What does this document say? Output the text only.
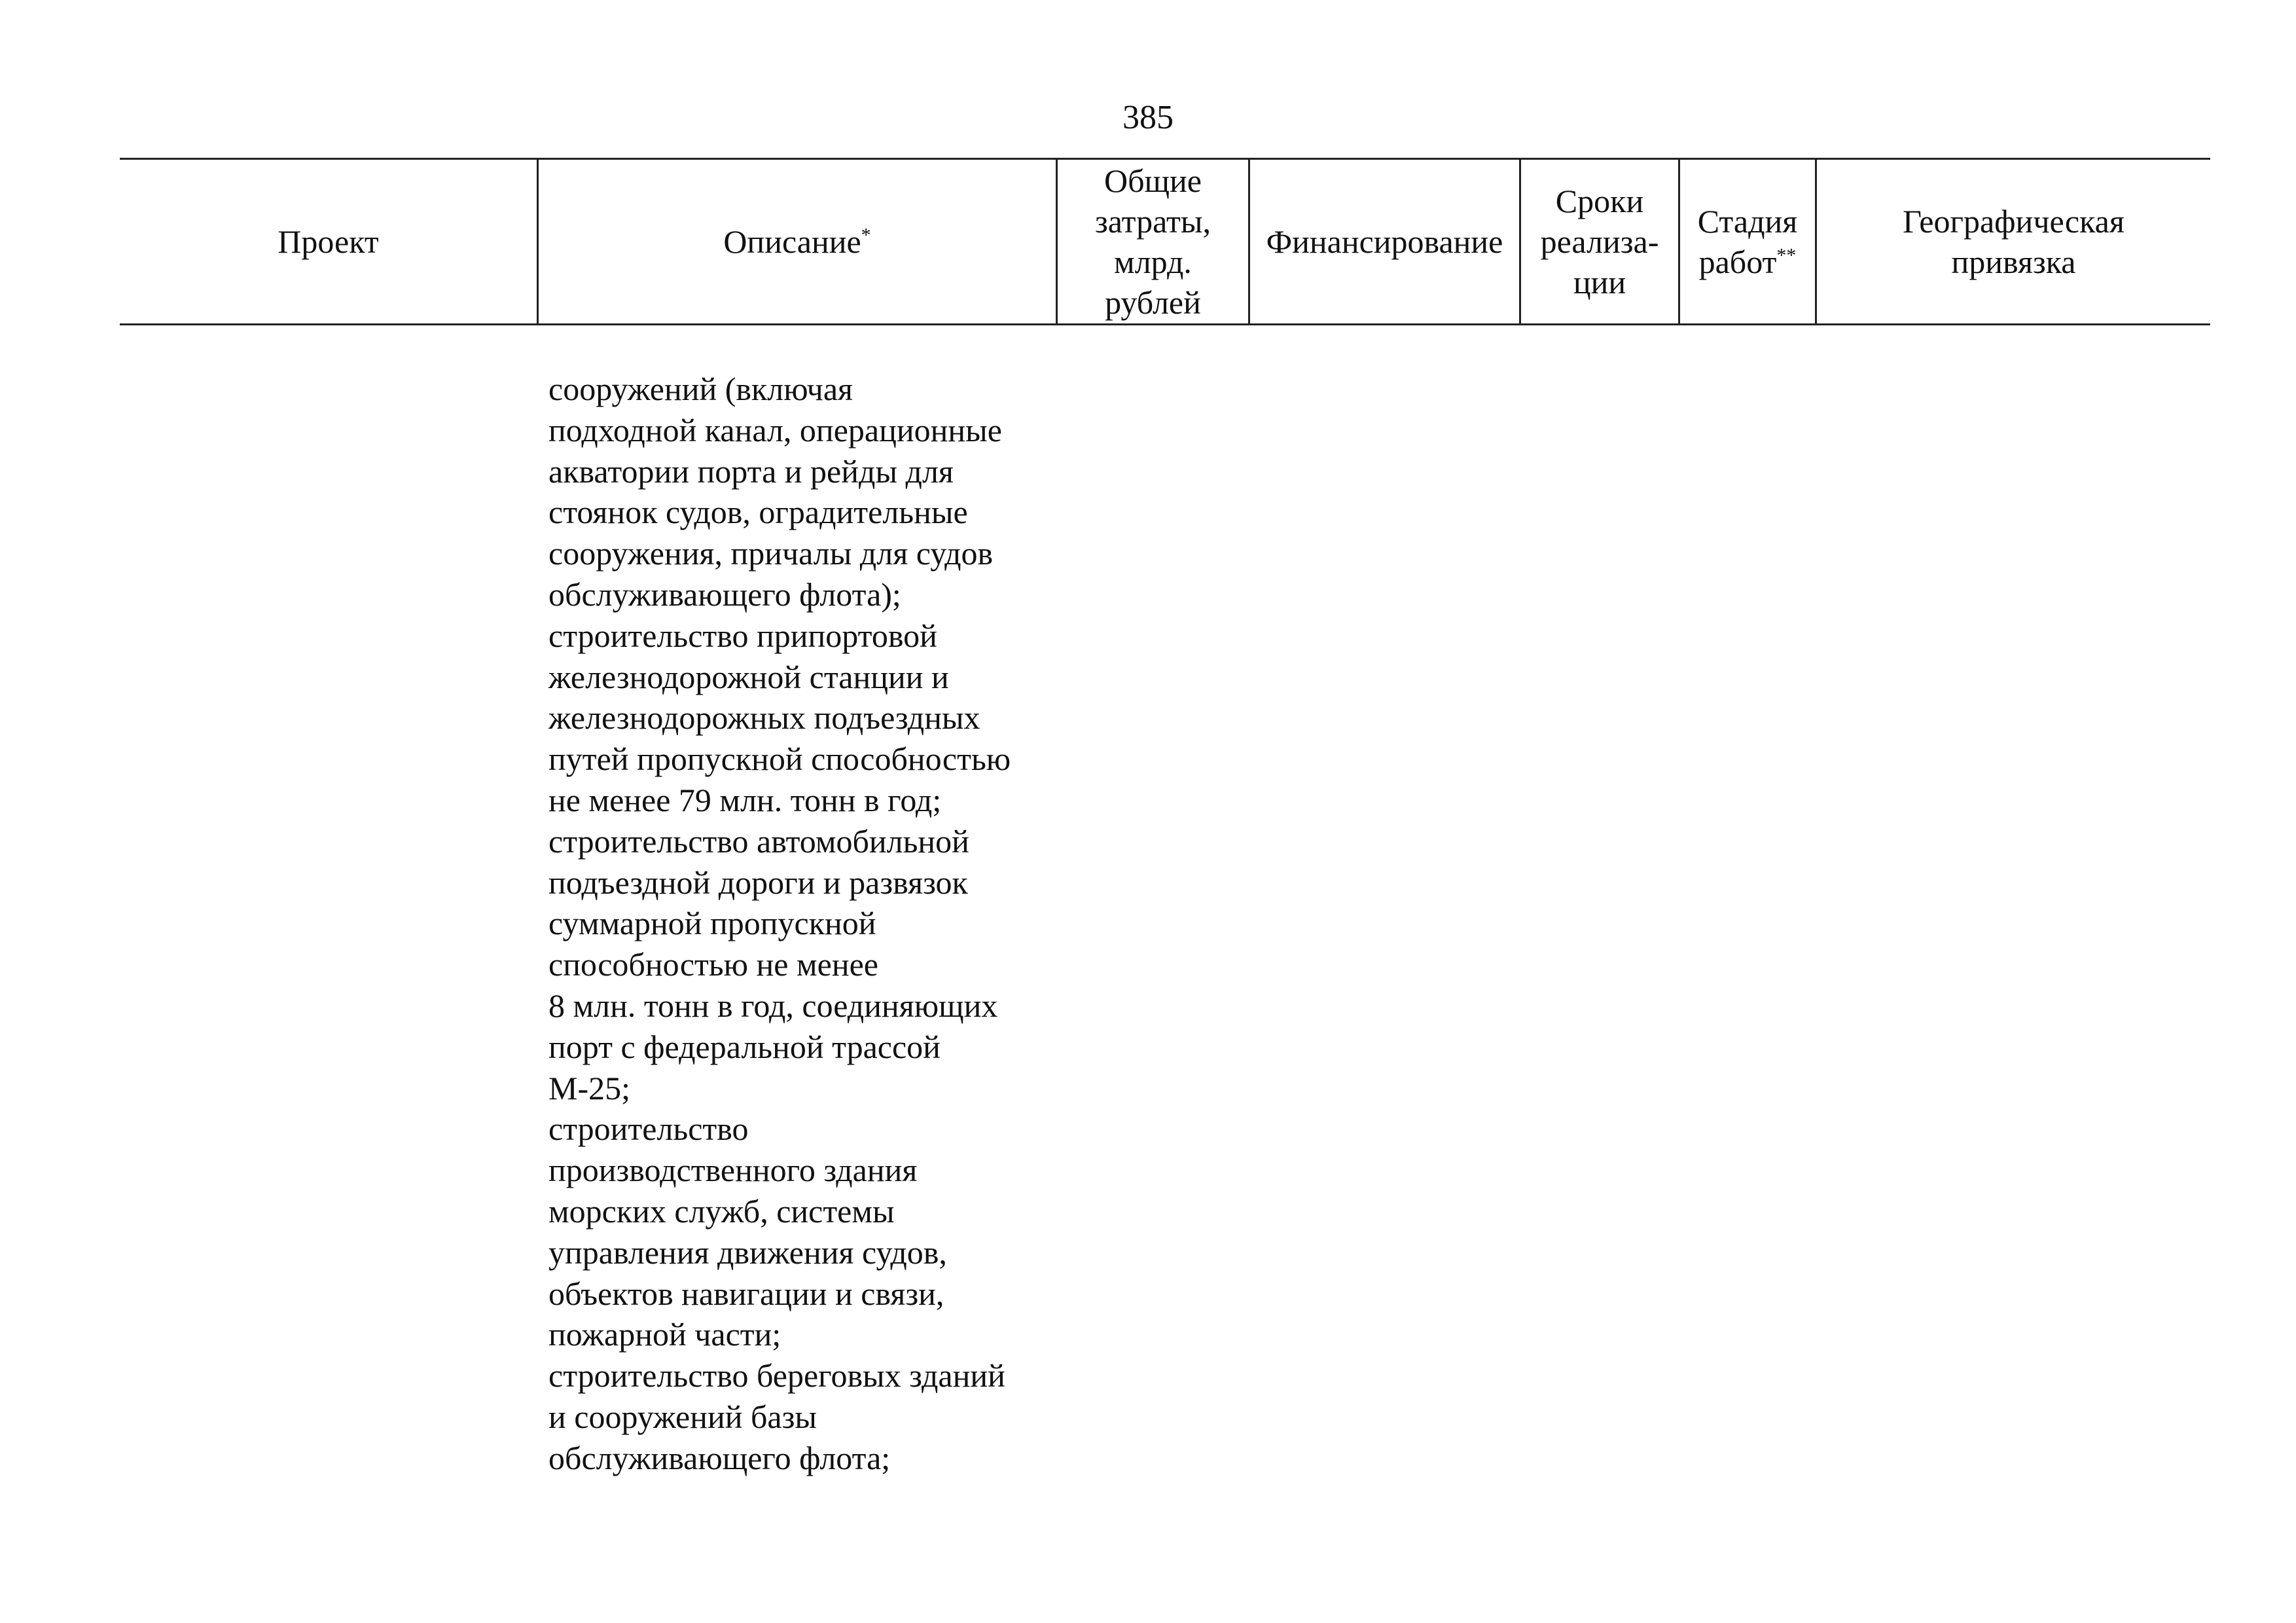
385
Проект	Описание*
Общие
затраты,
млрд.
рублей
Финансирование
Сроки
реализа-
ции
Стадия
работ**
Географическая
привязка

сооружений (включая
подходной канал, операционные
акватории порта и рейды для
стоянок судов, оградительные
сооружения, причалы для судов
обслуживающего флота);
строительство припортовой
железнодорожной станции и
железнодорожных подъездных
путей пропускной способностью
не менее 79 млн. тонн в год;
строительство автомобильной
подъездной дороги и развязок
суммарной пропускной
способностью не менее
8 млн. тонн в год, соединяющих
порт с федеральной трассой
М-25;
строительство
производственного здания
морских служб, системы
управления движения судов,
объектов навигации и связи,
пожарной части;
строительство береговых зданий
и сооружений базы
обслуживающего флота;
